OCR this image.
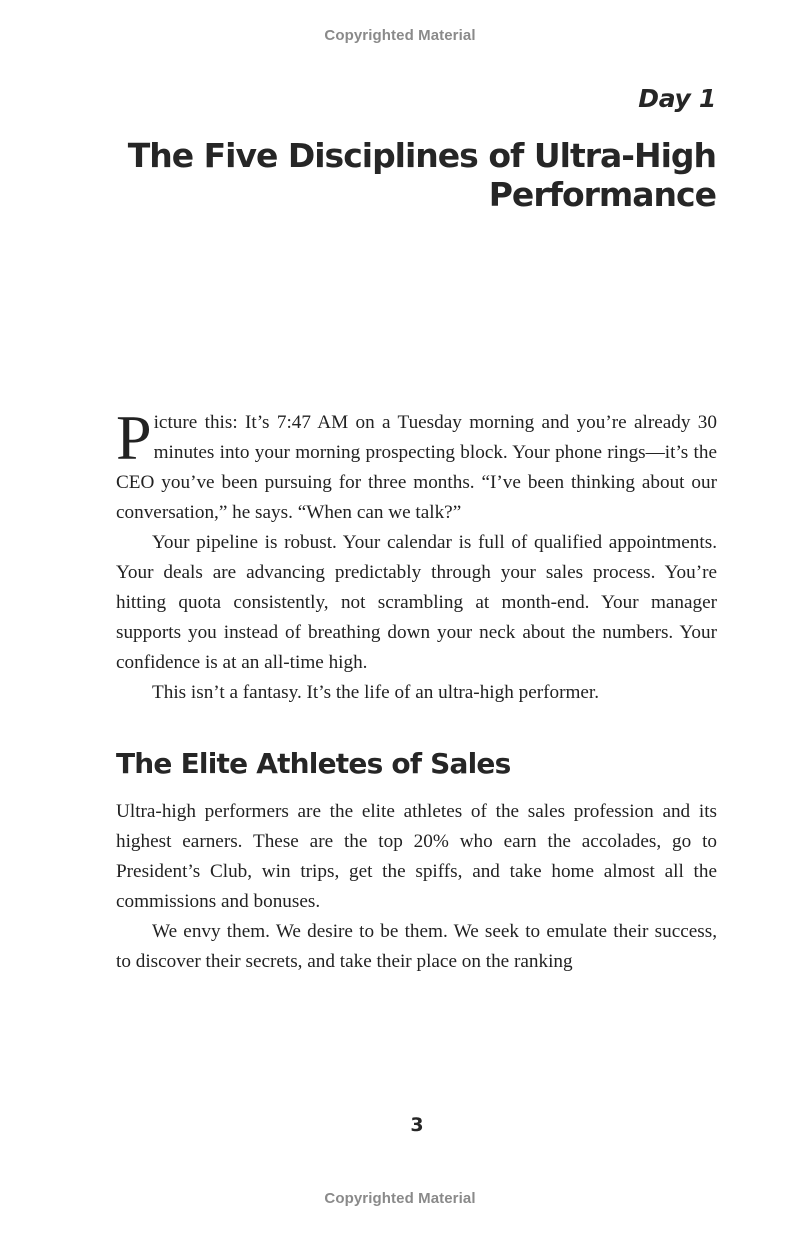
Copyrighted Material
Day 1
The Five Disciplines of Ultra-High Performance

Picture this: It’s 7:47 AM on a Tuesday morning and you’re already 30 minutes into your morning prospecting block. Your phone rings—it’s the CEO you’ve been pursuing for three months. “I’ve been thinking about our conversation,” he says. “When can we talk?”

Your pipeline is robust. Your calendar is full of qualified appointments. Your deals are advancing predictably through your sales process. You’re hitting quota consistently, not scrambling at month-end. Your manager supports you instead of breathing down your neck about the numbers. Your confidence is at an all-time high.

This isn’t a fantasy. It’s the life of an ultra-high performer.

The Elite Athletes of Sales

Ultra-high performers are the elite athletes of the sales profession and its highest earners. These are the top 20% who earn the accolades, go to President’s Club, win trips, get the spiffs, and take home almost all the commissions and bonuses.

We envy them. We desire to be them. We seek to emulate their success, to discover their secrets, and take their place on the ranking

3
Copyrighted Material
